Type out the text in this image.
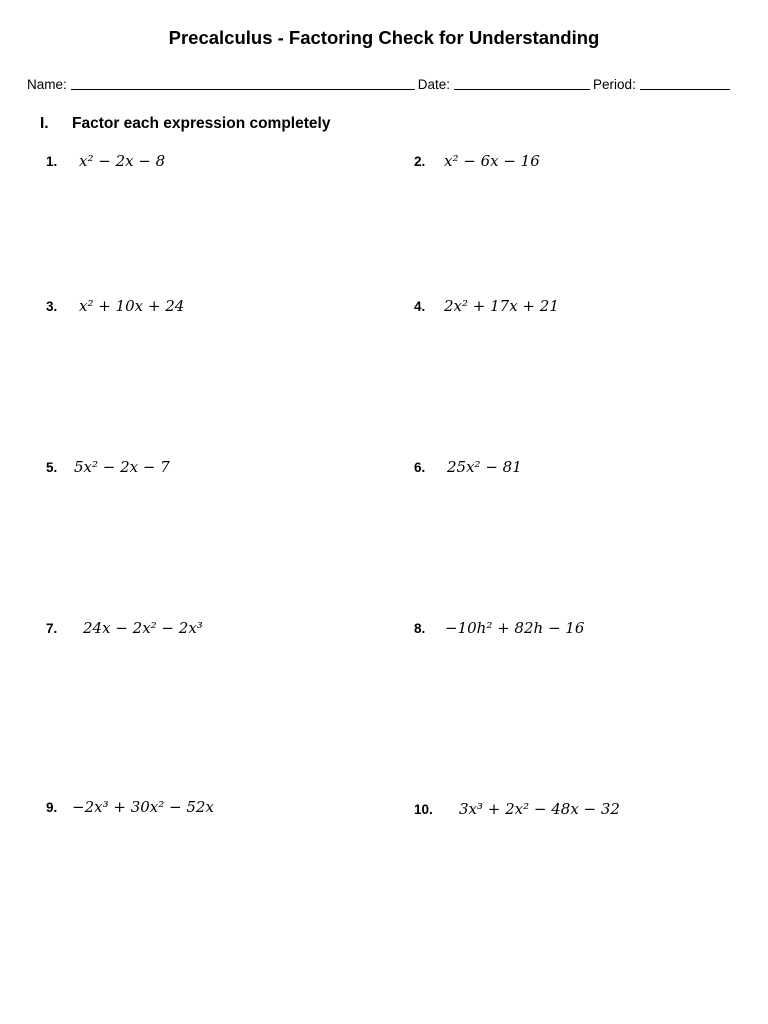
Precalculus - Factoring Check for Understanding
Name:	Date:	Period:
I.	Factor each expression completely
1.	x² − 2x − 8	2.	x² − 6x − 16
3.	x² + 10x + 24	4.	2x² + 17x + 21
5.	5x² − 2x − 7	6.	25x² − 81
7.	24x − 2x² − 2x³	8.	−10h² + 82h − 16
9. −2x³ + 30x² − 52x	10.	3x³ + 2x² − 48x − 32
